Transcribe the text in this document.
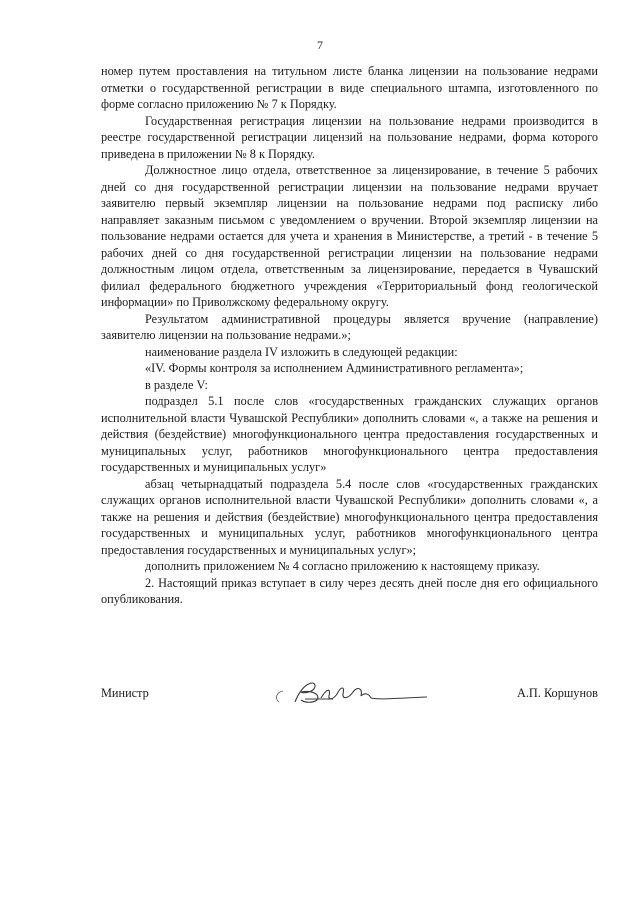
7

номер путем проставления на титульном листе бланка лицензии на пользование недрами отметки о государственной регистрации в виде специального штампа, изготовленного по форме согласно приложению № 7 к Порядку.

Государственная регистрация лицензии на пользование недрами производится в реестре государственной регистрации лицензий на пользование недрами, форма которого приведена в приложении № 8 к Порядку.

Должностное лицо отдела, ответственное за лицензирование, в течение 5 рабочих дней со дня государственной регистрации лицензии на пользование недрами вручает заявителю первый экземпляр лицензии на пользование недрами под расписку либо направляет заказным письмом с уведомлением о вручении. Второй экземпляр лицензии на пользование недрами остается для учета и хранения в Министерстве, а третий - в течение 5 рабочих дней со дня государственной регистрации лицензии на пользование недрами должностным лицом отдела, ответственным за лицензирование, передается в Чувашский филиал федерального бюджетного учреждения «Территориальный фонд геологической информации» по Приволжскому федеральному округу.

Результатом административной процедуры является вручение (направление) заявителю лицензии на пользование недрами.»;

наименование раздела IV изложить в следующей редакции:

«IV. Формы контроля за исполнением Административного регламента»;

в разделе V:

подраздел 5.1 после слов «государственных гражданских служащих органов исполнительной власти Чувашской Республики» дополнить словами «, а также на решения и действия (бездействие) многофункционального центра предоставления государственных и муниципальных услуг, работников многофункционального центра предоставления государственных и муниципальных услуг»

абзац четырнадцатый подраздела 5.4 после слов «государственных гражданских служащих органов исполнительной власти Чувашской Республики» дополнить словами «, а также на решения и действия (бездействие) многофункционального центра предоставления государственных и муниципальных услуг, работников многофункционального центра предоставления государственных и муниципальных услуг»;

дополнить приложением № 4 согласно приложению к настоящему приказу.

2. Настоящий приказ вступает в силу через десять дней после дня его официального опубликования.

Министр	А.П. Коршунов
